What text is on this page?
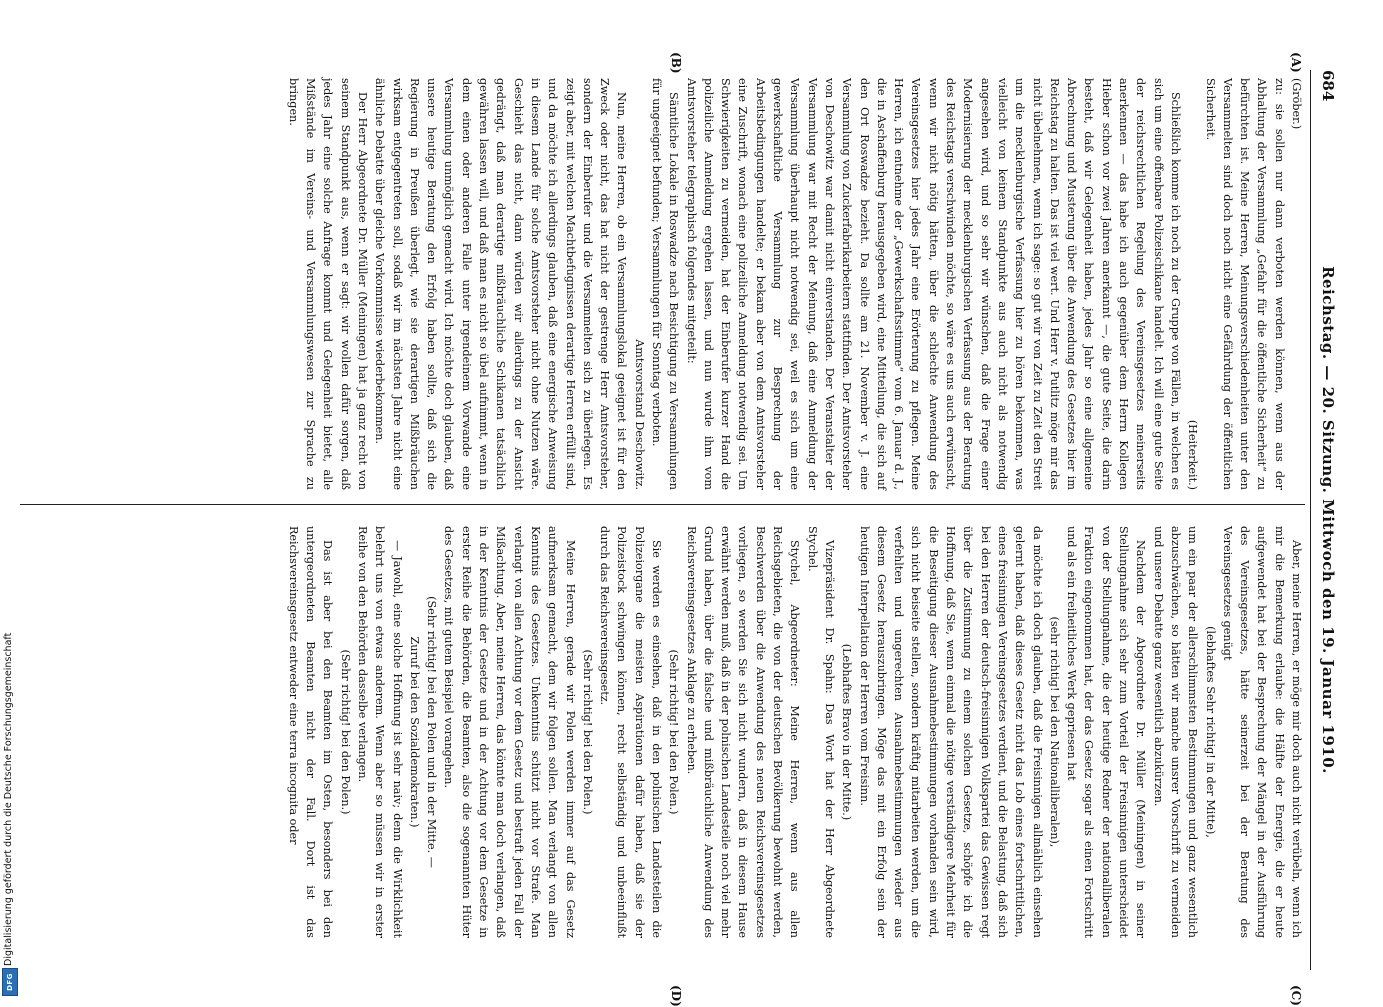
684
Reichstag. — 20. Sitzung. Mittwoch den 19. Januar 1910.
(A)
(B)
(C)
(D)

(Gröber.)

zu: sie sollen nur dann verboten werden können, wenn aus der Abhaltung der Versammlung „Gefahr für die öffentliche Sicherheit“ zu befürchten ist. Meine Herren, Meinungsverschiedenheiten unter den Versammelten sind doch noch nicht eine Gefährdung der öffentlichen Sicherheit.

(Heiterkeit.)

Schließlich komme ich noch zu der Gruppe von Fällen, in welchen es sich um eine offenbare Polizeischikane handelt. Ich will eine gute Seite der reichsrechtlichen Regelung des Vereinsgesetzes meinerseits anerkennen — das habe ich auch gegenüber dem Herrn Kollegen Hieber schon vor zwei Jahren anerkannt —, die gute Seite, die darin besteht, daß wir Gelegenheit haben, jedes Jahr so eine allgemeine Abrechnung und Musterung über die Anwendung des Gesetzes hier im Reichstag zu halten. Das ist viel wert. Und Herr v. Putlitz möge mir das nicht übelnehmen, wenn ich sage: so gut wir von Zeit zu Zeit den Streit um die mecklenburgische Verfassung hier zu hören bekommen, was vielleicht von keinem Standpunkte aus auch nicht als notwendig angesehen wird, und so sehr wir wünschen, daß die Frage einer Modernisierung der mecklenburgischen Verfassung aus der Beratung des Reichstags verschwinden möchte, so wäre es uns auch erwünscht, wenn wir nicht nötig hätten, über die schlechte Anwendung des Vereinsgesetzes hier jedes Jahr eine Erörterung zu pflegen. Meine Herren, ich entnehme der „Gewerkschaftsstimme“ vom 6. Januar d. J., die in Aschaffenburg herausgegeben wird, eine Mitteilung, die sich auf den Ort Roswadze bezieht. Da sollte am 21. November v. J. eine Versammlung von Zuckerfabrikarbeitern stattfinden. Der Amtsvorsteher von Deschowitz war damit nicht einverstanden. Der Veranstalter der Versammlung war mit Recht der Meinung, daß eine Anmeldung der Versammlung überhaupt nicht notwendig sei, weil es sich um eine gewerkschaftliche Versammlung zur Besprechung der Arbeitsbedingungen handelte; er bekam aber von dem Amtsvorsteher eine Zuschrift, wonach eine polizeiliche Anmeldung notwendig sei. Um Schwierigkeiten zu vermeiden, hat der Einberufer kurzer Hand die polizeiliche Anmeldung ergehen lassen, und nun wurde ihm vom Amtsvorsteher telegraphisch folgendes mitgeteilt:

Sämtliche Lokale in Roswadze nach Besichtigung zu Versammlungen für ungeeignet befunden; Versammlungen für Sonntag verboten.

Amtsvorstand Deschowitz.

Nun, meine Herren, ob ein Versammlungslokal geeignet ist für den Zweck oder nicht, das hat nicht der gestrenge Herr Amtsvorsteher, sondern der Einberufer und die Versammelten sich zu überlegen. Es zeigt aber, mit welchen Machtbefugnissen derartige Herren erfüllt sind, und da möchte ich allerdings glauben, daß eine energische Anweisung in diesem Lande für solche Amtsvorsteher nicht ohne Nutzen wäre. Geschieht das nicht, dann würden wir allerdings zu der Ansicht gedrängt, daß man derartige mißbräuchliche Schikanen tatsächlich gewähren lassen will, und daß man es nicht so übel aufnimmt, wenn in dem einen oder anderen Falle unter irgendeinem Vorwande eine Versammlung unmöglich gemacht wird. Ich möchte doch glauben, daß unsere heutige Beratung den Erfolg haben sollte, daß sich die Regierung in Preußen überlegt, wie sie derartigen Mißbräuchen wirksam entgegentreten soll, sodaß wir im nächsten Jahre nicht eine ähnliche Debatte über gleiche Vorkommnisse wiederbekommen.

Der Herr Abgeordnete Dr. Müller (Meiningen) hat ja ganz recht von seinem Standpunkt aus, wenn er sagt: wir wollen dafür sorgen, daß jedes Jahr eine solche Anfrage kommt und Gelegenheit bietet, alle Mißstände im Vereins- und Versammlungswesen zur Sprache zu bringen.

Aber, meine Herren, er möge mir doch auch nicht verübeln, wenn ich mir die Bemerkung erlaube: die Hälfte der Energie, die er heute aufgewendet hat bei der Besprechung der Mängel in der Ausführung des Vereinsgesetzes, hätte seinerzeit bei der Beratung des Vereinsgesetzes genügt

(lebhaftes Sehr richtig! in der Mitte),

um ein paar der allerschlimmsten Bestimmungen und ganz wesentlich abzuschwächen, so hätten wir manche unsrer Vorschrift zu vermeiden und unsere Debatte ganz wesentlich abzukürzen.

Nachdem der Abgeordnete Dr. Müller (Meiningen) in seiner Stellungnahme sich sehr zum Vorteil der Freisinnigen unterscheidet von der Stellungnahme, die der heutige Redner der nationalliberalen Fraktion eingenommen hat, der das Gesetz sogar als einen Fortschritt und als ein freiheitliches Werk gepriesen hat

(sehr richtig! bei den Nationalliberalen),

da möchte ich doch glauben, daß die Freisinnigen allmählich einsehen gelernt haben, daß dieses Gesetz nicht das Lob eines fortschrittlichen, eines freisinnigen Vereinsgesetzes verdient, und die Belastung, daß sich bei den Herren der deutsch-freisinnigen Volkspartei das Gewissen regt über die Zustimmung zu einem solchen Gesetze, schöpfe ich die Hoffnung, daß Sie, wenn einmal die nötige verständigere Mehrheit für die Beseitigung dieser Ausnahmebestimmungen vorhanden sein wird, sich nicht beiseite stellen, sondern kräftig mitarbeiten werden, um die verfehlten und ungerechten Ausnahmebestimmungen wieder aus diesem Gesetz herauszubringen. Möge das mit ein Erfolg sein der heutigen Interpellation der Herren vom Freisinn.

(Lebhaftes Bravo in der Mitte.)

Vizepräsident Dr. Spahn: Das Wort hat der Herr Abgeordnete Stychel.

Stychel, Abgeordneter: Meine Herren, wenn aus allen Reichsgebieten, die von der deutschen Bevölkerung bewohnt werden, Beschwerden über die Anwendung des neuen Reichsvereinsgesetzes vorliegen, so werden Sie sich nicht wundern, daß in diesem Hause erwähnt werden muß, daß in der polnischen Landesteile noch viel mehr Grund haben, über die falsche und mißbräuchliche Anwendung des Reichsvereinsgesetzes Anklage zu erheben.

(Sehr richtig! bei den Polen.)

Sie werden es einsehen, daß in den polnischen Landesteilen die Polizeiorgane die meisten Aspirationen dafür haben, daß sie der Polizeistock schwingen können, recht selbständig und unbeeinflußt durch das Reichsvereinsgesetz.

(Sehr richtig! bei den Polen.)

Meine Herren, gerade wir Polen werden immer auf das Gesetz aufmerksam gemacht, dem wir folgen sollen. Man verlangt von allen Kenntnis des Gesetzes. Unkenntnis schützt nicht vor Strafe. Man verlangt von allen Achtung vor dem Gesetz und bestraft jeden Fall der Mißachtung. Aber, meine Herren, das könnte man doch verlangen, daß in der Kenntnis der Gesetze und in der Achtung vor dem Gesetze in erster Reihe die Behörden, die Beamten, also die sogenannten Hüter des Gesetzes, mit gutem Beispiel vorangehen.

(Sehr richtig! bei den Polen und in der Mitte. —

Zuruf bei den Sozialdemokraten.)

— Jawohl, eine solche Hoffnung ist sehr naiv; denn die Wirklichkeit belehrt uns von etwas anderem. Wenn aber so müssen wir in erster Reihe von den Behörden dasselbe verlangen.

(Sehr richtig! bei den Polen.)

Das ist aber bei den Beamten im Osten, besonders bei den untergeordneten Beamten nicht der Fall. Dort ist das Reichsvereinsgesetz entweder eine terra incognita oder

Digitalisierung gefördert durch die Deutsche Forschungsgemeinschaft
DFG
